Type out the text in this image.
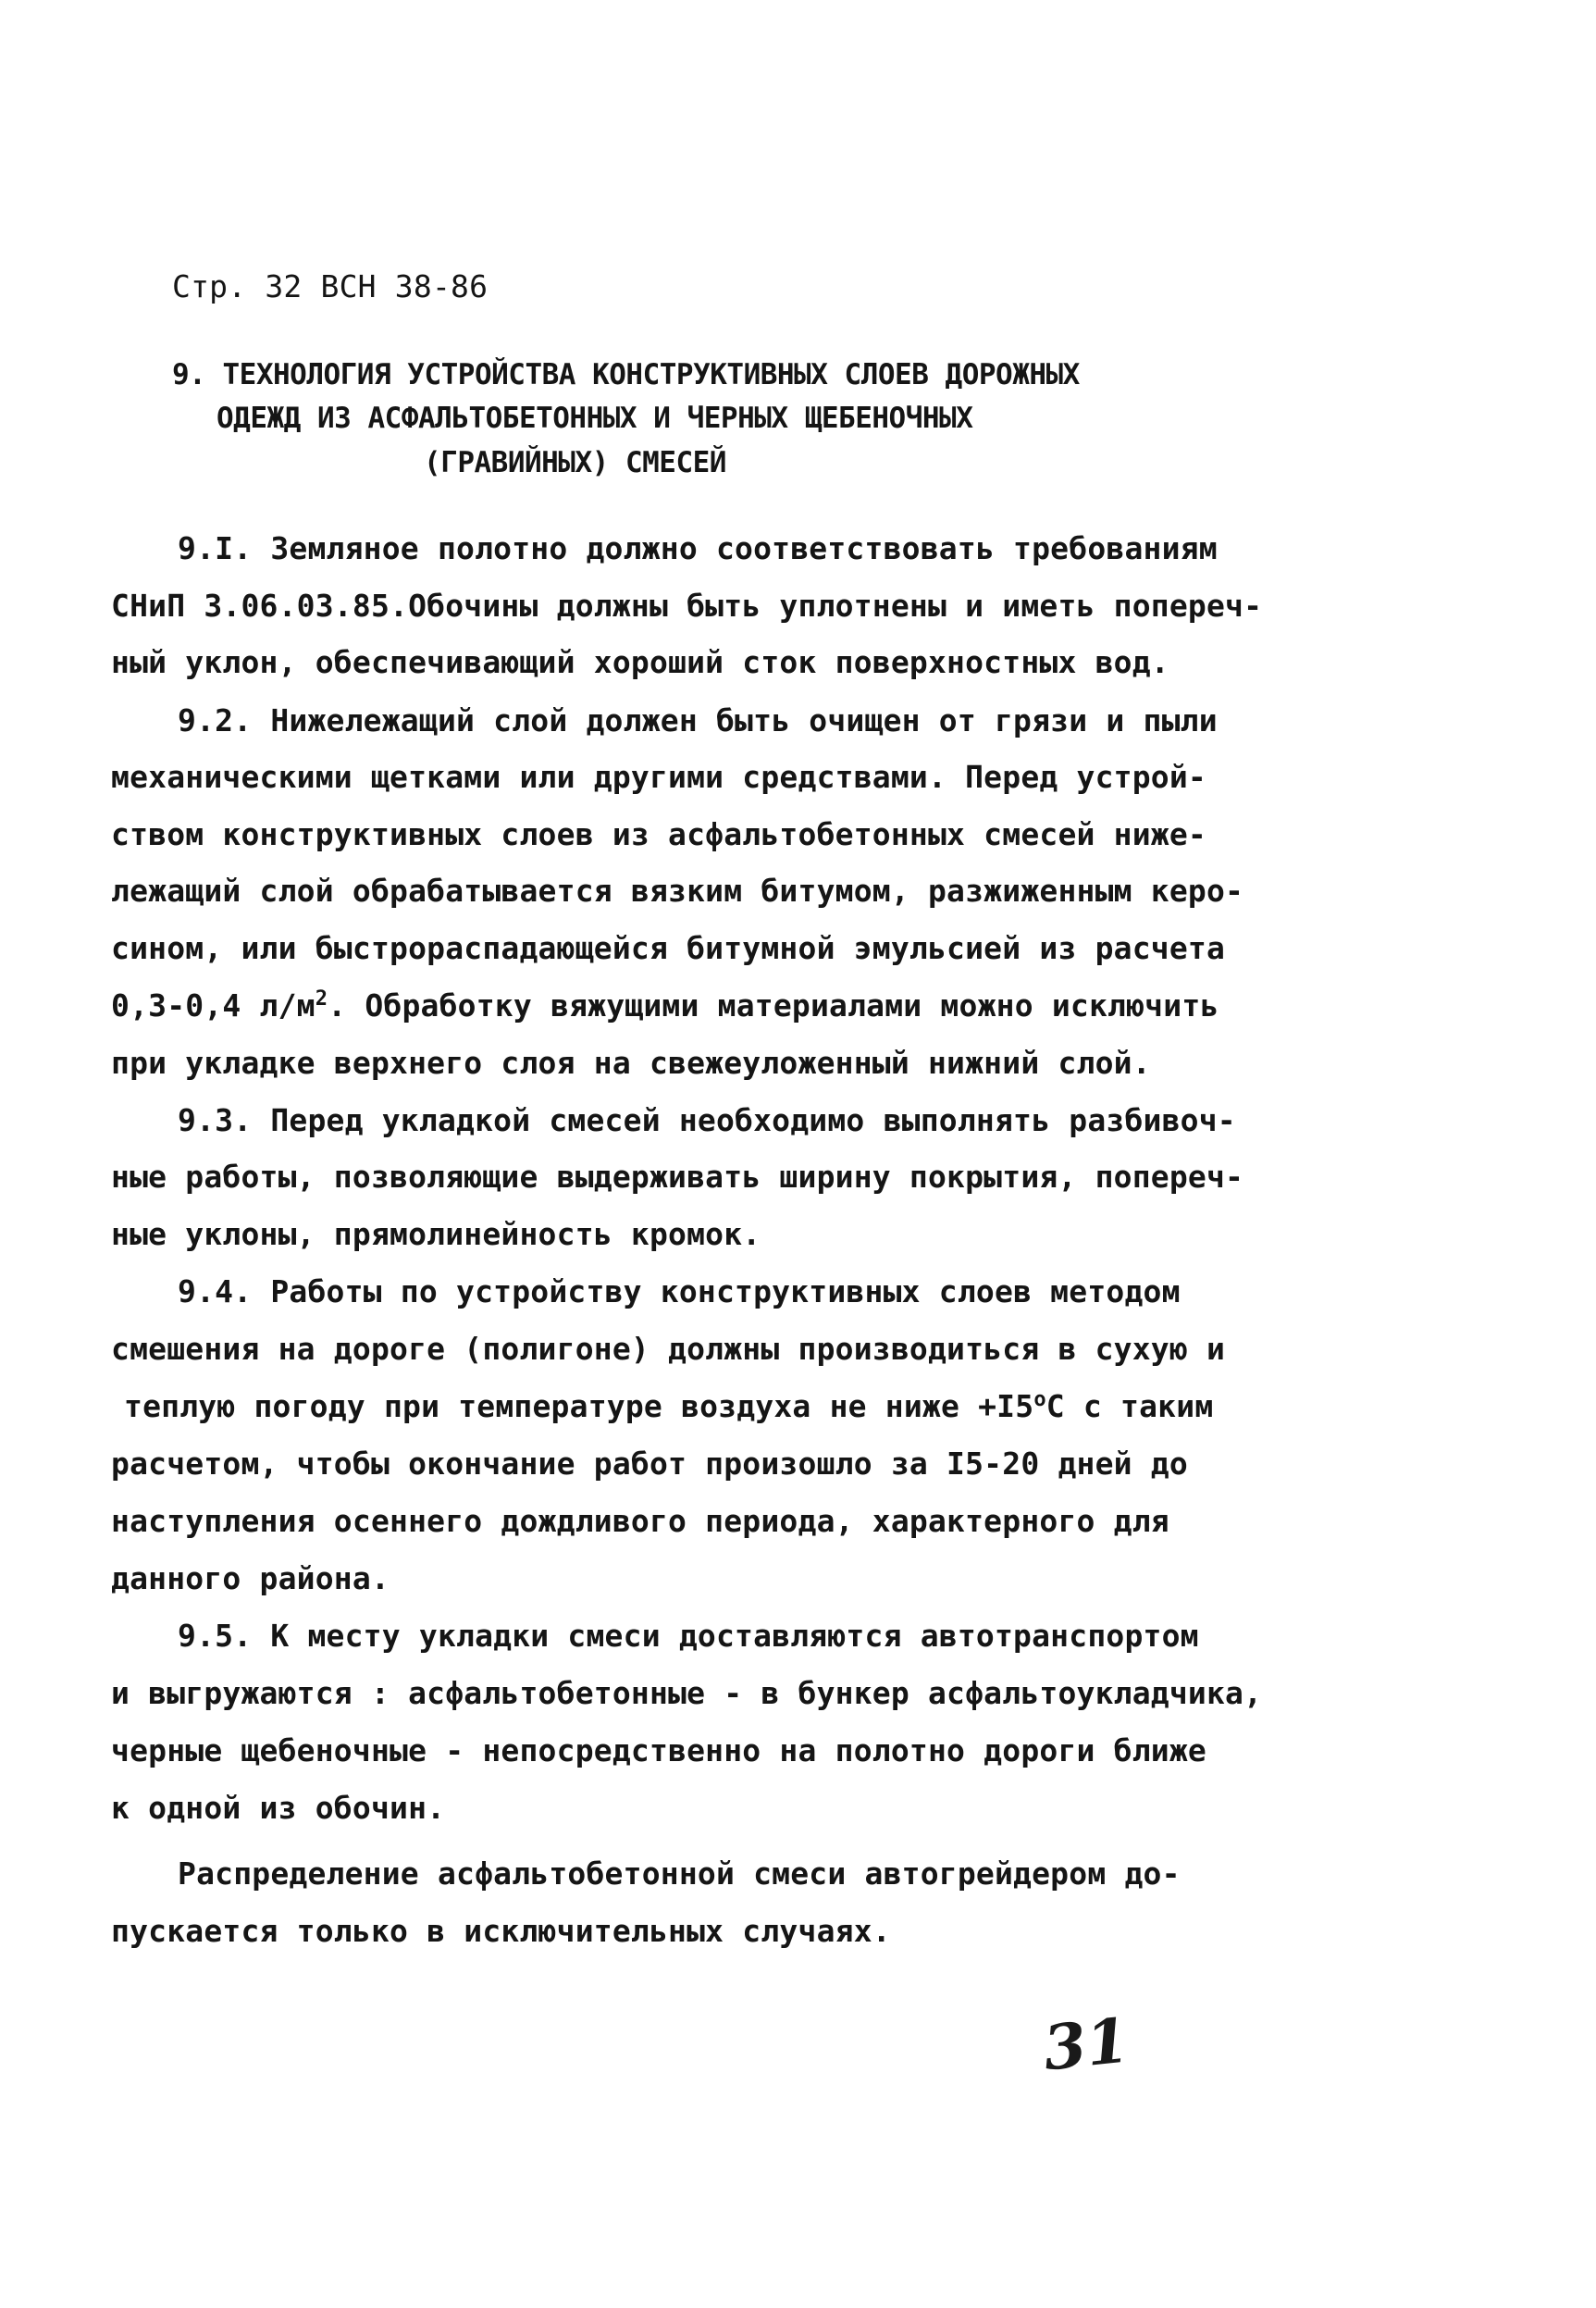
Стр. 32 ВСН 38-86
9. ТЕХНОЛОГИЯ УСТРОЙСТВА КОНСТРУКТИВНЫХ СЛОЕВ ДОРОЖНЫХ
ОДЕЖД ИЗ АСФАЛЬТОБЕТОННЫХ И ЧЕРНЫХ ЩЕБЕНОЧНЫХ
(ГРАВИЙНЫХ) СМЕСЕЙ
9.I. Земляное полотно должно соответствовать требованиям
СНиП 3.06.03.85.Обочины должны быть уплотнены и иметь попереч-
ный уклон, обеспечивающий хороший сток поверхностных вод.
9.2. Нижележащий слой должен быть очищен от грязи и пыли
механическими щетками или другими средствами. Перед устрой-
ством конструктивных слоев из асфальтобетонных смесей ниже-
лежащий слой обрабатывается вязким битумом, разжиженным керо-
сином, или быстрораспадающейся битумной эмульсией из расчета
0,3-0,4 $л/м^2$. Обработку вяжущими материалами можно исключить
при укладке верхнего слоя на свежеуложенный нижний слой.
9.3. Перед укладкой смесей необходимо выполнять разбивоч-
ные работы, позволяющие выдерживать ширину покрытия, попереч-
ные уклоны, прямолинейность кромок.
9.4. Работы по устройству конструктивных слоев методом
смешения на дороге (полигоне) должны производиться в сухую и
теплую погоду при температуре воздуха не ниже $+I5^oC$ с таким
расчетом, чтобы окончание работ произошло за I5-20 дней до
наступления осеннего дождливого периода, характерного для
данного района.
9.5. К месту укладки смеси доставляются автотранспортом
и выгружаются : асфальтобетонные - в бункер асфальтоукладчика,
черные щебеночные - непосредственно на полотно дороги ближе
к одной из обочин.
Распределение асфальтобетонной смеси автогрейдером до-
пускается только в исключительных случаях.
31
